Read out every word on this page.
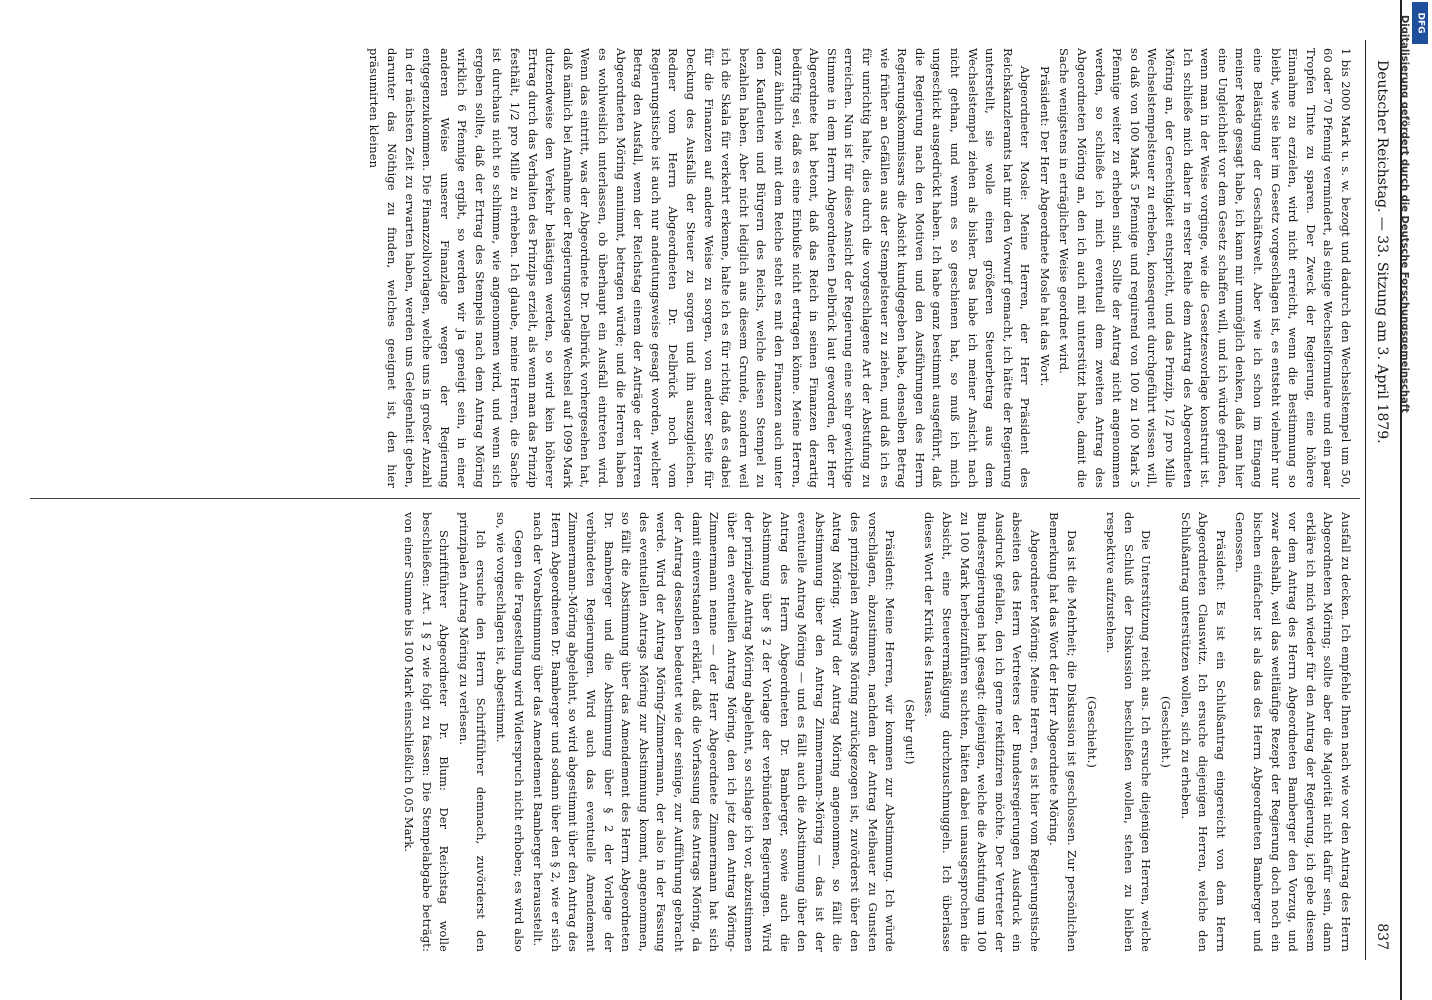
Deutscher Reichstag. — 33. Sitzung am 3. April 1879.
837

1 bis 2000 Mark u. s. w. bezogt und dadurch den Wechselstempel um 50, 60 oder 70 Pfennig vermindert, als einige Wechselformulare und ein paar Tropfen Tinte zu sparen. Der Zweck der Regierung, eine höhere Einnahme zu erzielen, wird nicht erreicht, wenn die Bestimmung so bleibt, wie sie hier im Gesetz vorgeschlagen ist, es entsteht vielmehr nur eine Belästigung der Geschäftswelt. Aber wie ich schon im Eingang meiner Rede gesagt habe, ich kann mir unmöglich denken, daß man hier eine Ungleichheit vor dem Gesetz schaffen will, und ich würde gefunden, wenn man in der Weise vorginge, wie die Gesetzesvorlage konstruirt ist. Ich schließe mich daher in erster Reihe dem Antrag des Abgeordneten Möring an, der Gerechtigkeit entspricht, und das Prinzip, 1/2 pro Mille Wechselstempelsteuer zu erheben, konsequent durchgeführt wissen will, so daß von 100 Mark 5 Pfennige und reguirend von 100 zu 100 Mark 5 Pfennige weiter zu erheben sind. Sollte der Antrag nicht angenommen werden, so schließe ich mich eventuell dem zweiten Antrag des Abgeordneten Möring an, den ich auch mit unterstützt habe, damit die Sache wenigstens in erträglicher Weise geordnet wird.

Präsident: Der Herr Abgeordnete Mosle hat das Wort.

Abgeordneter Mosle: Meine Herren, der Herr Präsident des Reichskanzleramts hat mir den Vorwurf gemacht, ich hätte der Regierung unterstellt, sie wolle einen größeren Steuerbetrag aus dem Wechselstempel ziehen als bisher. Das habe ich meiner Ansicht nach nicht gethan, und wenn es so geschienen hat, so muß ich mich ungeschickt ausgedrückt haben. Ich habe ganz bestimmt ausgeführt, daß die Regierung nach den Motiven und den Ausführungen des Herrn Regierungskommissars die Absicht kundgegeben habe, denselben Betrag wie früher an Gefällen aus der Stempelsteuer zu ziehen, und daß ich es für unrichtig halte, dies durch die vorgeschlagene Art der Abstufung zu erreichen. Nun ist für diese Ansicht der Regierung eine sehr gewichtige Stimme in dem Herrn Abgeordneten Delbrück laut geworden, der Herr Abgeordnete hat betont, daß das Reich in seinen Finanzen derartig bedürftig sei, daß es eine Einbuße nicht ertragen könne. Meine Herren, ganz ähnlich wie mit dem Reiche steht es mit den Finanzen auch unter den Kaufleuten und Bürgern des Reichs, welche diesen Stempel zu bezahlen haben. Aber nicht lediglich aus diesem Grunde, sondern weil ich die Skala für verkehrt erkenne, halte ich es für richtig, daß es dabei für die Finanzen auf andere Weise zu sorgen, von anderer Seite für Deckung des Ausfalls der Steuer zu sorgen und ihn auszugleichen. Redner vom Herrn Abgeordneten Dr. Delbrück noch vom Regierungstische ist auch nur andeutungsweise gesagt worden, welcher Betrag den Ausfall, wenn der Reichstag einem der Anträge der Herren Abgeordneten Möring annimmt, betragen würde; und die Herren haben es wohlweislich unterlassen, ob überhaupt ein Ausfall eintreten wird. Wenn das eintritt, was der Abgeordnete Dr. Delbrück vorhergesehen hat, daß nämlich bei Annahme der Regierungsvorlage Wechsel auf 1099 Mark dutzendweise den Verkehr belästigen werden, so wird kein höherer Ertrag durch das Verhalten des Prinzips erzielt, als wenn man das Prinzip festhält, 1/2 pro Mille zu erheben. Ich glaube, meine Herren, die Sache ist durchaus nicht so schlimme, wie angenommen wird, und wenn sich ergeben sollte, daß der Ertrag des Stempels nach dem Antrag Möring wirklich 6 Pfennige ergibt, so werden wir ja geneigt sein, in einer anderen Weise unserer Finanzlage wegen der Regierung entgegenzukommen. Die Finanzzollvorlagen, welche uns in großer Anzahl in der nächsten Zeit zu erwarten haben, werden uns Gelegenheit geben, darunter das Nöthige zu finden, welches geeignet ist, den hier präsumirten kleinen

Ausfall zu decken. Ich empfehle Ihnen nach wie vor den Antrag des Herrn Abgeordneten Möring; sollte aber die Majorität nicht dafür sein, dann erkläre ich mich wieder für den Antrag der Regierung, ich gebe diesem vor dem Antrag des Herrn Abgeordneten Bamberger den Vorzug, und zwar deshalb, weil das weitläufige Rezept der Regierung doch noch ein bischen einfacher ist als das des Herrn Abgeordneten Bamberger und Genossen.

Präsident: Es ist ein Schlußantrag eingereicht von dem Herrn Abgeordneten Clauswitz. Ich ersuche diejenigen Herren, welche den Schlußantrag unterstützen wollen, sich zu erheben.

(Geschieht.)

Die Unterstützung reicht aus. Ich ersuche diejenigen Herren, welche den Schluß der Diskussion beschließen wollen, stehen zu bleiben respektive aufzustehen.

(Geschieht.)

Das ist die Mehrheit; die Diskussion ist geschlossen. Zur persönlichen Bemerkung hat das Wort der Herr Abgeordnete Möring.

Abgeordneter Möring: Meine Herren, es ist hier vom Regierungstische abseiten des Herrn Vertreters der Bundesregierungen Ausdruck ein Ausdruck gefallen, den ich gerne rektifiziren möchte. Der Vertreter der Bundesregierungen hat gesagt: diejenigen, welche die Abstufung um 100 zu 100 Mark herbeizuführen suchten, hätten dabei unausgesprochen die Absicht, eine Steuerermäßigung durchzuschmuggeln. Ich überlasse dieses Wort der Kritik des Hauses.

(Sehr gut!)

Präsident: Meine Herren, wir kommen zur Abstimmung. Ich würde vorschlagen, abzustimmen, nachdem der Antrag Meibauer zu Gunsten des prinzipalen Antrags Möring zurückgezogen ist, zuvörderst über den Antrag Möring. Wird der Antrag Möring angenommen, so fällt die Abstimmung über den Antrag Zimmermann-Möring — das ist der eventuelle Antrag Möring — und es fällt auch die Abstimmung über den Antrag des Herrn Abgeordneten Dr. Bamberger, sowie auch die Abstimmung über § 2 der Vorlage der verbündeten Regierungen. Wird der prinzipale Antrag Möring abgelehnt, so schlage ich vor, abzustimmen über den eventuellen Antrag Möring, den ich jetz den Antrag Möring-Zimmermann nenne — der Herr Abgeordnete Zimmermann hat sich damit einverstanden erklärt, daß die Vorfassung des Antrags Möring, da der Antrag desselben bedeutet wie der seinige, zur Aufführung gebracht werde. Wird der Antrag Möring-Zimmermann, der also in der Fassung des eventuellen Antrags Möring zur Abstimmung kommt, angenommen, so fällt die Abstimmung über das Amendement des Herrn Abgeordneten Dr. Bamberger und die Abstimmung über § 2 der Vorlage der verbündeten Regierungen. Wird auch das eventuelle Amendement Zimmermann-Möring abgelehnt, so wird abgestimmt über den Antrag des Herrn Abgeordneten Dr. Bamberger und sodann über den § 2, wie er sich nach der Vorabstimmung über das Amendement Bamberger herausstellt.

Gegen die Fragestellung wird Widerspruch nicht erhoben; es wird also so, wie vorgeschlagen ist, abgestimmt.

Ich ersuche den Herrn Schriftführer demnach, zuvörderst den prinzipalen Antrag Möring zu verlesen.

Schriftführer Abgeordneter Dr. Blum: Der Reichstag wolle beschließen: Art. 1 § 2 wie folgt zu fassen: Die Stempelabgabe beträgt: von einer Summe bis 100 Mark einschließlich 0,05 Mark.

DFG
Digitalisierung gefördert durch die Deutsche Forschungsgemeinschaft
